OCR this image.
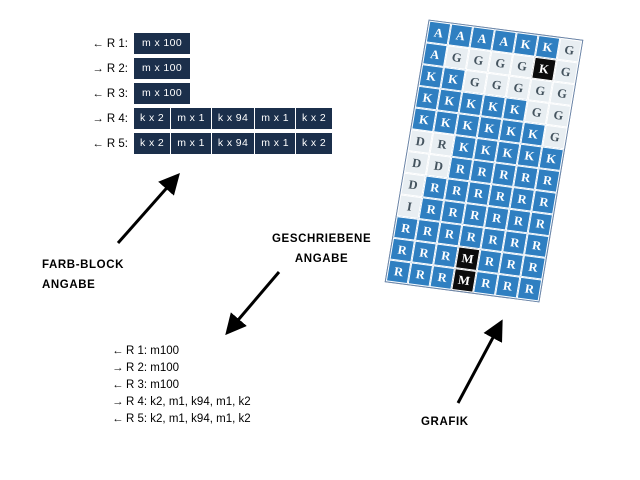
← R 1:	m x 100
→ R 2:	m x 100
← R 3:	m x 100
→ R 4:	k x 2	m x 1	k x 94	m x 1	k x 2
← R 5:	k x 2	m x 1	k x 94	m x 1	k x 2
← R 1: m100
→ R 2: m100
← R 3: m100
→ R 4: k2, m1, k94, m1, k2
← R 5: k2, m1, k94, m1, k2
FARB-BLOCK
ANGABE
GESCHRIEBENE
ANGABE
GRAFIK
A A A A K K G
A G G G G K G
K K G G G G G
K K K K K G G
K K K K K K G
D R K K K K K
D D R R R R R
D R R R R R R
I	R R R R R R
R R R R R R R
R R R M R R R
R R R M R R R
